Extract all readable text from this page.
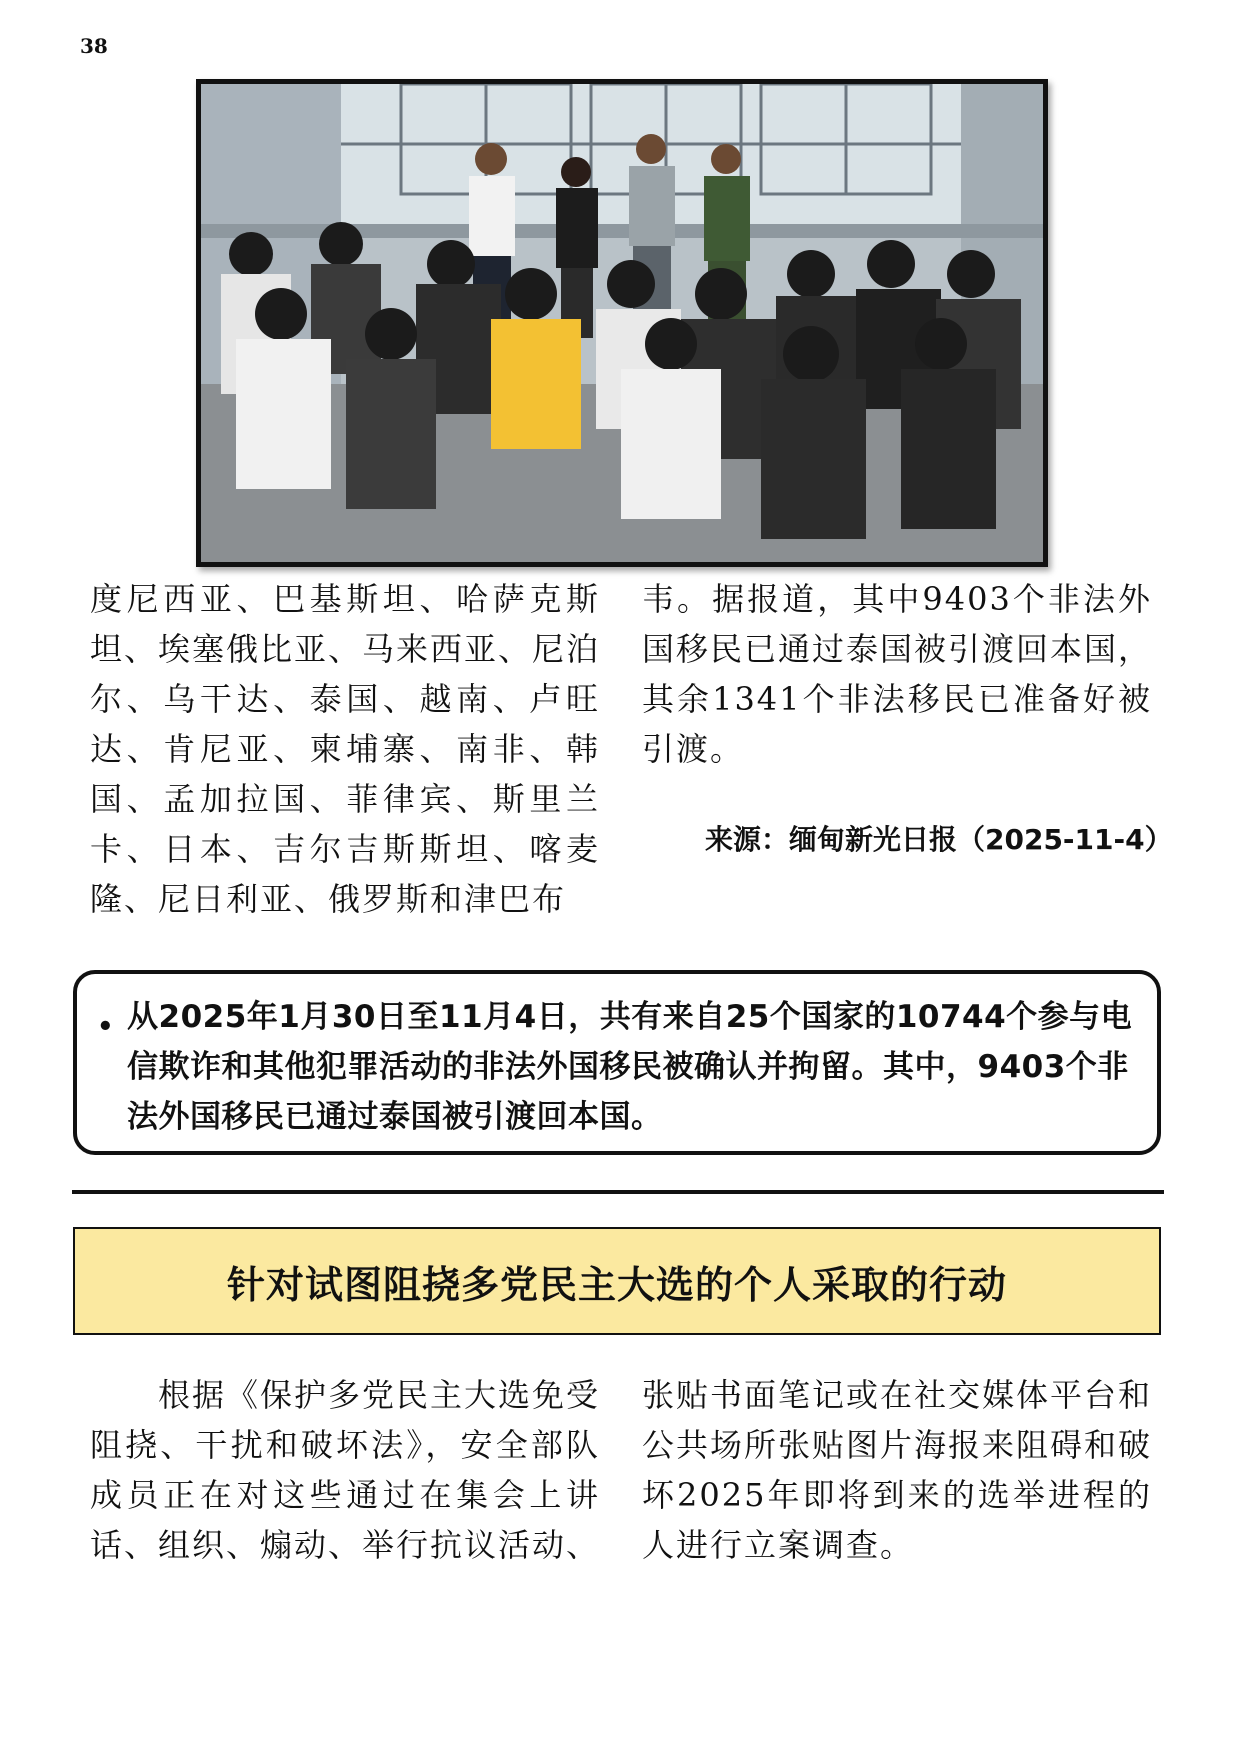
38
度尼西亚、巴基斯坦、哈萨克斯坦、埃塞俄比亚、马来西亚、尼泊尔、乌干达、泰国、越南、卢旺达、肯尼亚、柬埔寨、南非、韩国、孟加拉国、菲律宾、斯里兰卡、日本、吉尔吉斯斯坦、喀麦隆、尼日利亚、俄罗斯和津巴布
韦。据报道，其中9403个非法外国移民已通过泰国被引渡回本国，其余1341个非法移民已准备好被引渡。
来源：缅甸新光日报（2025-11-4）
• 从2025年1月30日至11月4日，共有来自25个国家的10744个参与电信欺诈和其他犯罪活动的非法外国移民被确认并拘留。其中，9403个非法外国移民已通过泰国被引渡回本国。
针对试图阻挠多党民主大选的个人采取的行动
根据《保护多党民主大选免受阻挠、干扰和破坏法》，安全部队成员正在对这些通过在集会上讲话、组织、煽动、举行抗议活动、
张贴书面笔记或在社交媒体平台和公共场所张贴图片海报来阻碍和破坏2025年即将到来的选举进程的人进行立案调查。
